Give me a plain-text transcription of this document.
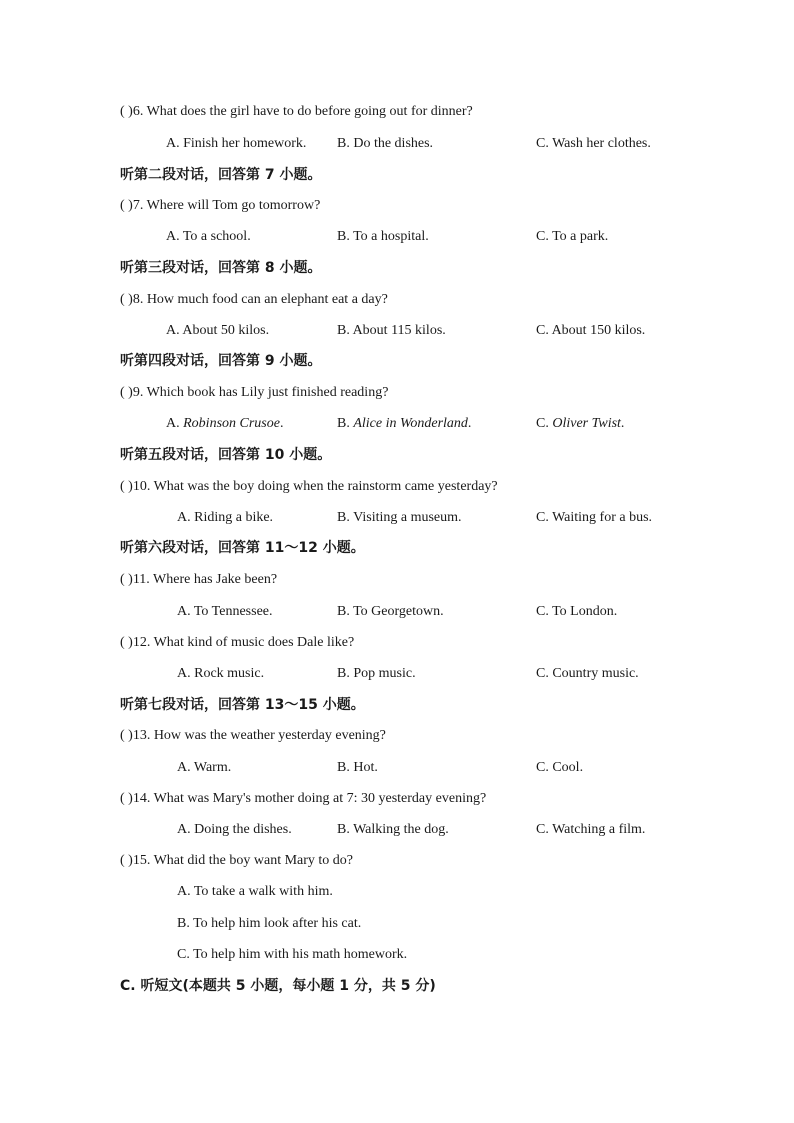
( )6. What does the girl have to do before going out for dinner?
A. Finish her homework. B. Do the dishes.	C. Wash her clothes.
听第二段对话，回答第 7 小题。
( )7. Where will Tom go tomorrow?
A. To a school.	B. To a hospital.	C. To a park.
听第三段对话，回答第 8 小题。
( )8. How much food can an elephant eat a day?
A. About 50 kilos.	B. About 115 kilos.	C. About 150 kilos.
听第四段对话，回答第 9 小题。
( )9. Which book has Lily just finished reading?
A. Robinson Crusoe.	B. Alice in Wonderland.	C. Oliver Twist.
听第五段对话，回答第 10 小题。
( )10. What was the boy doing when the rainstorm came yesterday?
A. Riding a bike.	B. Visiting a museum.	C. Waiting for a bus.
听第六段对话，回答第 11～12 小题。
( )11. Where has Jake been?
A. To Tennessee.	B. To Georgetown.	C. To London.
( )12. What kind of music does Dale like?
A. Rock music.	B. Pop music.	C. Country music.
听第七段对话，回答第 13～15 小题。
( )13. How was the weather yesterday evening?
A. Warm.	B. Hot.	C. Cool.
( )14. What was Mary's mother doing at 7: 30 yesterday evening?
A. Doing the dishes.	B. Walking the dog.	C. Watching a film.
( )15. What did the boy want Mary to do?
A. To take a walk with him.
B. To help him look after his cat.
C. To help him with his math homework.
C. 听短文(本题共 5 小题，每小题 1 分，共 5 分)
